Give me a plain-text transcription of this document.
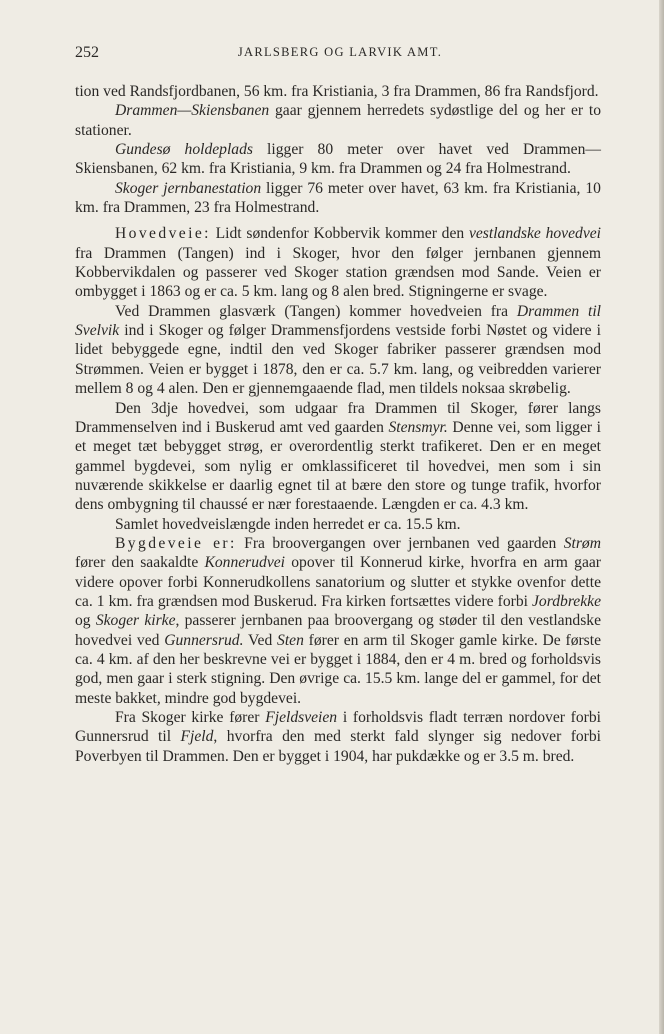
252	JARLSBERG OG LARVIK AMT.

tion ved Randsfjordbanen, 56 km. fra Kristiania, 3 fra Drammen, 86 fra Randsfjord.

Drammen—Skiensbanen gaar gjennem herredets sydøstlige del og her er to stationer.

Gundesø holdeplads ligger 80 meter over havet ved Drammen—Skiensbanen, 62 km. fra Kristiania, 9 km. fra Drammen og 24 fra Holmestrand.

Skoger jernbanestation ligger 76 meter over havet, 63 km. fra Kristiania, 10 km. fra Drammen, 23 fra Holmestrand.

Hovedveie: Lidt søndenfor Kobbervik kommer den vestlandske hovedvei fra Drammen (Tangen) ind i Skoger, hvor den følger jernbanen gjennem Kobbervikdalen og passerer ved Skoger station grændsen mod Sande. Veien er ombygget i 1863 og er ca. 5 km. lang og 8 alen bred. Stigningerne er svage.

Ved Drammen glasværk (Tangen) kommer hovedveien fra Drammen til Svelvik ind i Skoger og følger Drammensfjordens vestside forbi Nøstet og videre i lidet bebyggede egne, indtil den ved Skoger fabriker passerer grændsen mod Strømmen. Veien er bygget i 1878, den er ca. 5.7 km. lang, og veibredden varierer mellem 8 og 4 alen. Den er gjennemgaaende flad, men tildels noksaa skrøbelig.

Den 3dje hovedvei, som udgaar fra Drammen til Skoger, fører langs Drammenselven ind i Buskerud amt ved gaarden Stensmyr. Denne vei, som ligger i et meget tæt bebygget strøg, er overordentlig sterkt trafikeret. Den er en meget gammel bygdevei, som nylig er omklassificeret til hovedvei, men som i sin nuværende skikkelse er daarlig egnet til at bære den store og tunge trafik, hvorfor dens ombygning til chaussé er nær forestaaende. Længden er ca. 4.3 km.

Samlet hovedveislængde inden herredet er ca. 15.5 km.

Bygdeveie er: Fra broovergangen over jernbanen ved gaarden Strøm fører den saakaldte Konnerudvei opover til Konnerud kirke, hvorfra en arm gaar videre opover forbi Konnerudkollens sanatorium og slutter et stykke ovenfor dette ca. 1 km. fra grændsen mod Buskerud. Fra kirken fortsættes videre forbi Jordbrekke og Skoger kirke, passerer jernbanen paa broovergang og støder til den vestlandske hovedvei ved Gunnersrud. Ved Sten fører en arm til Skoger gamle kirke. De første ca. 4 km. af den her beskrevne vei er bygget i 1884, den er 4 m. bred og forholdsvis god, men gaar i sterk stigning. Den øvrige ca. 15.5 km. lange del er gammel, for det meste bakket, mindre god bygdevei.

Fra Skoger kirke fører Fjeldsveien i forholdsvis fladt terræn nordover forbi Gunnersrud til Fjeld, hvorfra den med sterkt fald slynger sig nedover forbi Poverbyen til Drammen. Den er bygget i 1904, har pukdække og er 3.5 m. bred.
